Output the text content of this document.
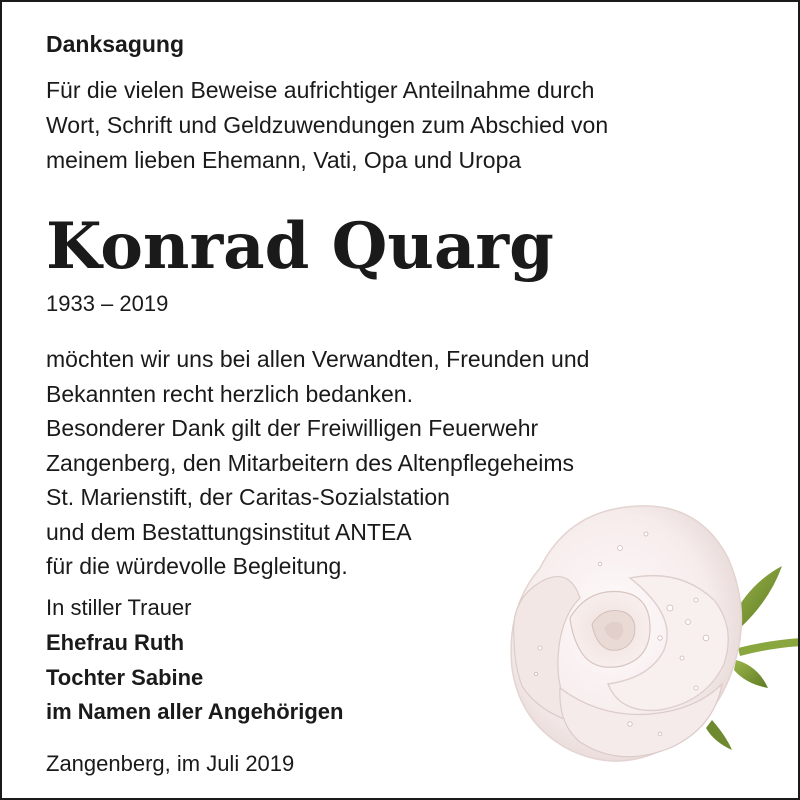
Danksagung

Für die vielen Beweise aufrichtiger Anteilnahme durch
Wort, Schrift und Geldzuwendungen zum Abschied von
meinem lieben Ehemann, Vati, Opa und Uropa

Konrad Quarg

1933 – 2019

möchten wir uns bei allen Verwandten, Freunden und
Bekannten recht herzlich bedanken.
Besonderer Dank gilt der Freiwilligen Feuerwehr
Zangenberg, den Mitarbeitern des Altenpflegeheims
St. Marienstift, der Caritas-Sozialstation
und dem Bestattungsinstitut ANTEA
für die würdevolle Begleitung.

In stiller Trauer

Ehefrau Ruth
Tochter Sabine
im Namen aller Angehörigen

Zangenberg, im Juli 2019
